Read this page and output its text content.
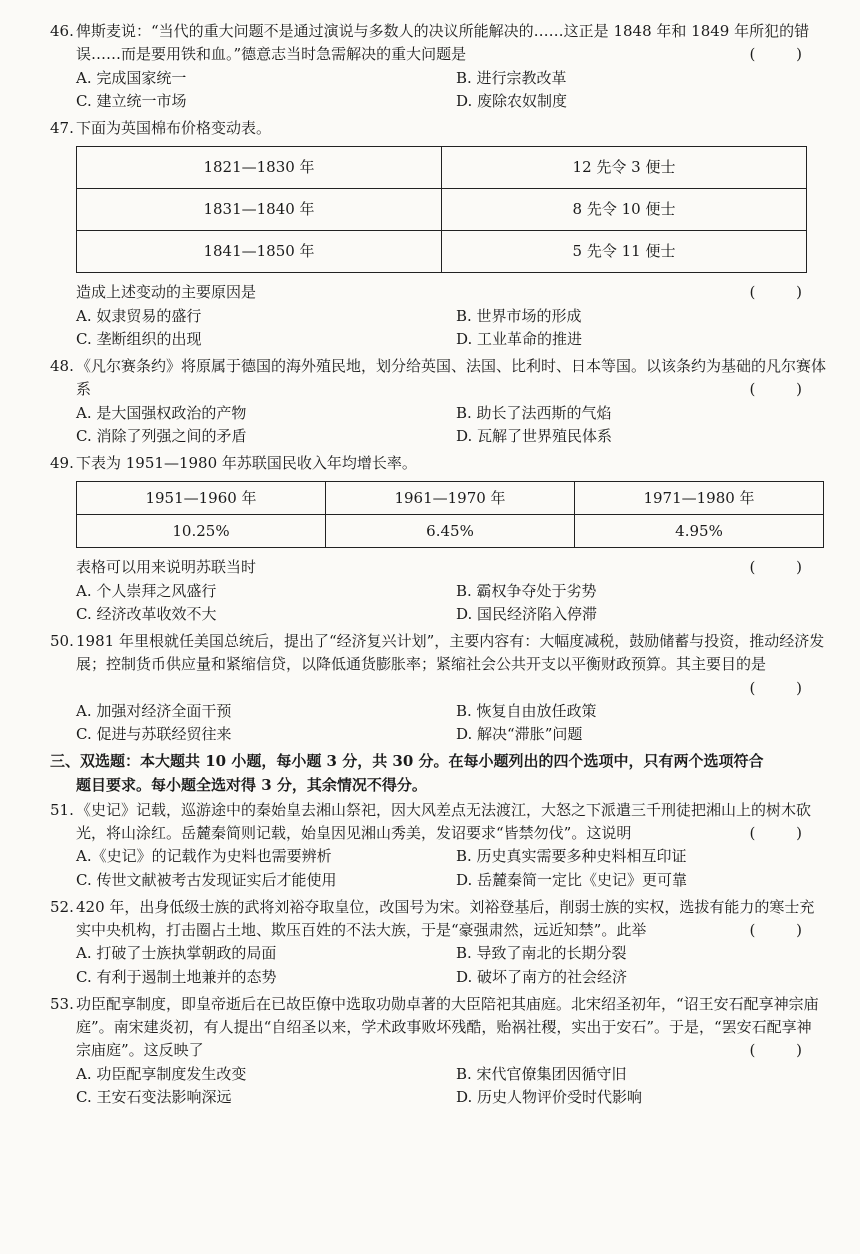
46. 俾斯麦说：“当代的重大问题不是通过演说与多数人的决议所能解决的……这正是 1848 年和 1849 年所犯的错误……而是要用铁和血。”德意志当时急需解决的重大问题是	( )
A. 完成国家统一	B. 进行宗教改革
C. 建立统一市场	D. 废除农奴制度
47. 下面为英国棉布价格变动表。
1821—1830 年	12 先令 3 便士
1831—1840 年	8 先令 10 便士
1841—1850 年	5 先令 11 便士
造成上述变动的主要原因是	( )
A. 奴隶贸易的盛行	B. 世界市场的形成
C. 垄断组织的出现	D. 工业革命的推进
48. 《凡尔赛条约》将原属于德国的海外殖民地，划分给英国、法国、比利时、日本等国。以该条约为基础的凡尔赛体系	( )
A. 是大国强权政治的产物	B. 助长了法西斯的气焰
C. 消除了列强之间的矛盾	D. 瓦解了世界殖民体系
49. 下表为 1951—1980 年苏联国民收入年均增长率。
1951—1960 年	1961—1970 年	1971—1980 年
10.25%	6.45%	4.95%
表格可以用来说明苏联当时	( )
A. 个人崇拜之风盛行	B. 霸权争夺处于劣势
C. 经济改革收效不大	D. 国民经济陷入停滞
50. 1981 年里根就任美国总统后，提出了“经济复兴计划”，主要内容有：大幅度减税，鼓励储蓄与投资，推动经济发展；控制货币供应量和紧缩信贷，以降低通货膨胀率；紧缩社会公共开支以平衡财政预算。其主要目的是
( )
A. 加强对经济全面干预	B. 恢复自由放任政策
C. 促进与苏联经贸往来	D. 解决“滞胀”问题
三、双选题：本大题共 10 小题，每小题 3 分，共 30 分。在每小题列出的四个选项中，只有两个选项符合
题目要求。每小题全选对得 3 分，其余情况不得分。
51. 《史记》记载，巡游途中的秦始皇去湘山祭祀，因大风差点无法渡江，大怒之下派遣三千刑徒把湘山上的树木砍光，将山涂红。岳麓秦简则记载，始皇因见湘山秀美，发诏要求“皆禁勿伐”。这说明	( )
A.《史记》的记载作为史料也需要辨析	B. 历史真实需要多种史料相互印证
C. 传世文献被考古发现证实后才能使用	D. 岳麓秦简一定比《史记》更可靠
52. 420 年，出身低级士族的武将刘裕夺取皇位，改国号为宋。刘裕登基后，削弱士族的实权，选拔有能力的寒士充实中央机构，打击圈占土地、欺压百姓的不法大族，于是“豪强肃然，远近知禁”。此举	( )
A. 打破了士族执掌朝政的局面	B. 导致了南北的长期分裂
C. 有利于遏制土地兼并的态势	D. 破坏了南方的社会经济
53. 功臣配享制度，即皇帝逝后在已故臣僚中选取功勋卓著的大臣陪祀其庙庭。北宋绍圣初年，“诏王安石配享神宗庙庭”。南宋建炎初，有人提出“自绍圣以来，学术政事败坏残酷，贻祸社稷，实出于安石”。于是，“罢安石配享神宗庙庭”。这反映了	( )
A. 功臣配享制度发生改变	B. 宋代官僚集团因循守旧
C. 王安石变法影响深远	D. 历史人物评价受时代影响
